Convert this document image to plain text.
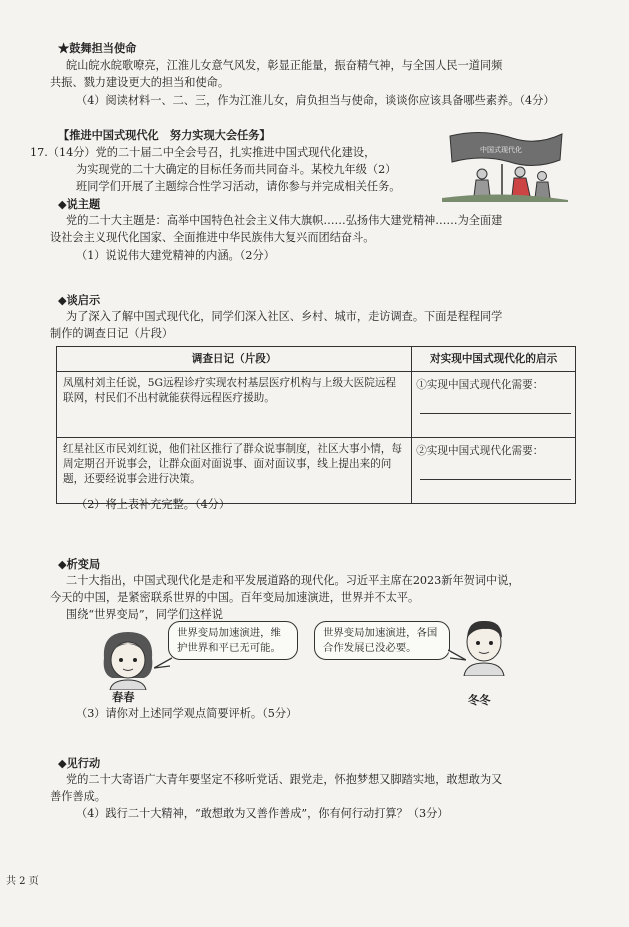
★鼓舞担当使命
皖山皖水皖歌嘹亮，江淮儿女意气风发，彰显正能量，振奋精气神，与全国人民一道同频
共振、戮力建设更大的担当和使命。
（4）阅读材料一、二、三，作为江淮儿女，肩负担当与使命，谈谈你应该具备哪些素养。（4分）
【推进中国式现代化　努力实现大会任务】
17.（14分）党的二十届二中全会号召，扎实推进中国式现代化建设，
为实现党的二十大确定的目标任务而共同奋斗。某校九年级（2）
班同学们开展了主题综合性学习活动，请你参与并完成相关任务。
中国式现代化
◆说主题
党的二十大主题是：高举中国特色社会主义伟大旗帜……弘扬伟大建党精神……为全面建
设社会主义现代化国家、全面推进中华民族伟大复兴而团结奋斗。
（1）说说伟大建党精神的内涵。（2分）
◆谈启示
为了深入了解中国式现代化，同学们深入社区、乡村、城市，走访调查。下面是程程同学
制作的调查日记（片段）
调查日记（片段）	对实现中国式现代化的启示
凤凰村刘主任说，5G远程诊疗实现农村基层医疗机构与上级大医院远程联网，村民们不出村就能获得远程医疗援助。	①实现中国式现代化需要：

红星社区市民刘红说，他们社区推行了群众说事制度，社区大事小情，每周定期召开说事会，让群众面对面说事、面对面议事，线上提出来的问题，还要经说事会进行决策。	②实现中国式现代化需要：
（2）将上表补充完整。（4分）
◆析变局
二十大指出，中国式现代化是走和平发展道路的现代化。习近平主席在2023新年贺词中说，
今天的中国，是紧密联系世界的中国。百年变局加速演进，世界并不太平。
围绕“世界变局”，同学们这样说
春春
世界变局加速演进，维护世界和平已无可能。
世界变局加速演进，各国合作发展已没必要。
冬冬
（3）请你对上述同学观点简要评析。（5分）
◆见行动
党的二十大寄语广大青年要坚定不移听党话、跟党走，怀抱梦想又脚踏实地，敢想敢为又
善作善成。
（4）践行二十大精神，“敢想敢为又善作善成”，你有何行动打算？（3分）
共 2 页
